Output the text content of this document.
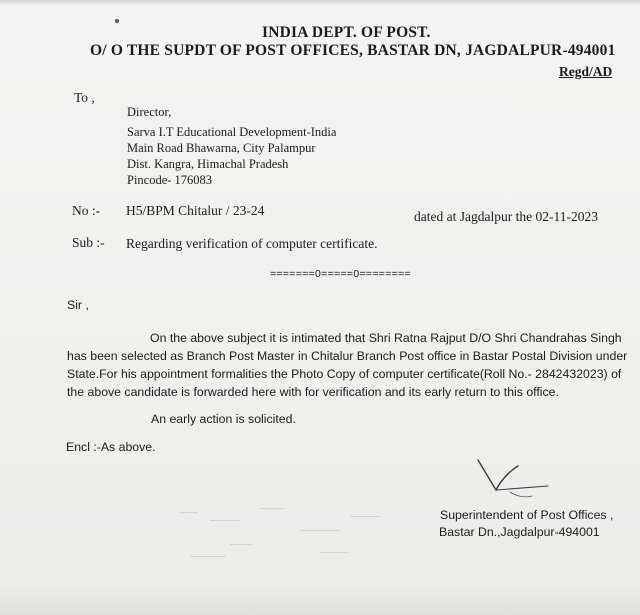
INDIA DEPT. OF POST.
O/ O THE SUPDT OF POST OFFICES, BASTAR DN, JAGDALPUR-494001
Regd/AD
To ,
Director,
Sarva I.T Educational Development-India
Main Road Bhawarna, City Palampur
Dist. Kangra, Himachal Pradesh
Pincode- 176083
No :- H5/BPM Chitalur / 23-24	dated at Jagdalpur the 02-11-2023
Sub :- Regarding verification of computer certificate.
=======0=====0========
Sir ,
On the above subject it is intimated that Shri Ratna Rajput D/O Shri Chandrahas Singh
has been selected as Branch Post Master in Chitalur Branch Post office in Bastar Postal Division under
State.For his appointment formalities the Photo Copy of computer certificate(Roll No.- 2842432023) of
the above candidate is forwarded here with for verification and its early return to this office.
An early action is solicited.
Encl :-As above.
Superintendent of Post Offices ,
Bastar Dn.,Jagdalpur-494001
